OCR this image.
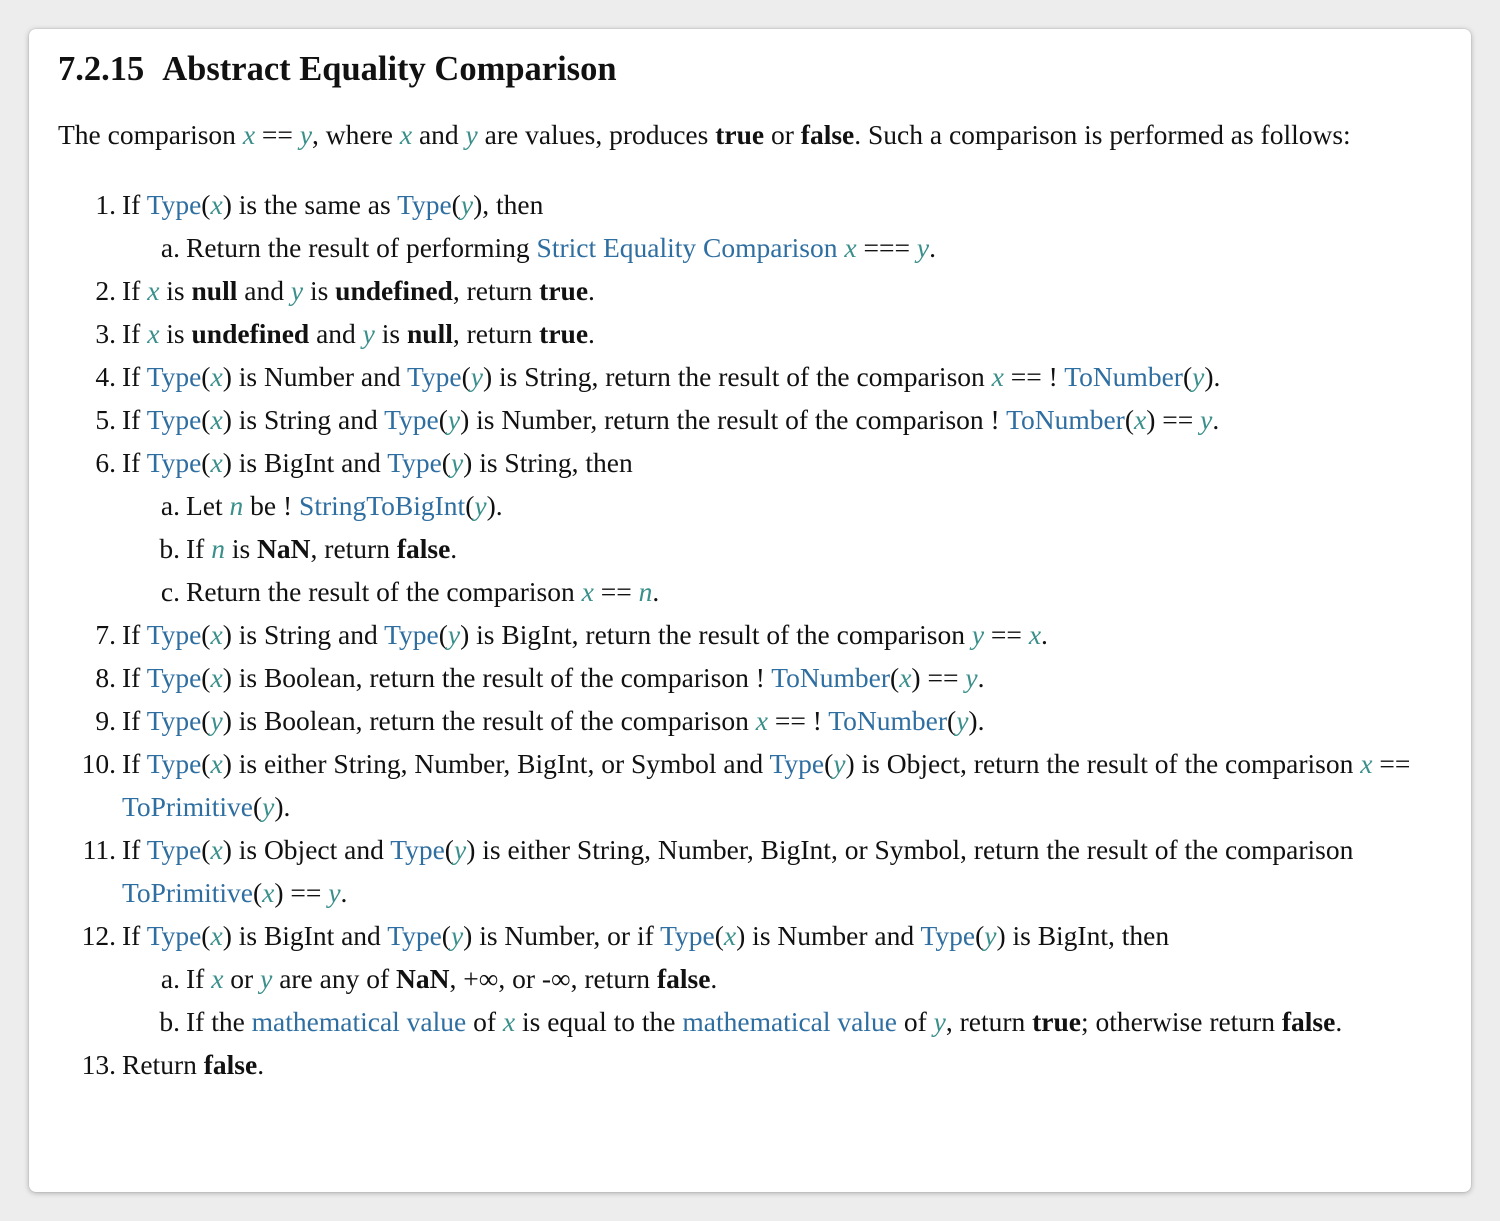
7.2.15 Abstract Equality Comparison

The comparison x == y, where x and y are values, produces true or false. Such a comparison is performed as follows:

1. If Type(x) is the same as Type(y), then
a. Return the result of performing Strict Equality Comparison x === y.
2. If x is null and y is undefined, return true.
3. If x is undefined and y is null, return true.
4. If Type(x) is Number and Type(y) is String, return the result of the comparison x == ! ToNumber(y).
5. If Type(x) is String and Type(y) is Number, return the result of the comparison ! ToNumber(x) == y.
6. If Type(x) is BigInt and Type(y) is String, then
a. Let n be ! StringToBigInt(y).
b. If n is NaN, return false.
c. Return the result of the comparison x == n.
7. If Type(x) is String and Type(y) is BigInt, return the result of the comparison y == x.
8. If Type(x) is Boolean, return the result of the comparison ! ToNumber(x) == y.
9. If Type(y) is Boolean, return the result of the comparison x == ! ToNumber(y).
10. If Type(x) is either String, Number, BigInt, or Symbol and Type(y) is Object, return the result of the comparison x == ToPrimitive(y).
11. If Type(x) is Object and Type(y) is either String, Number, BigInt, or Symbol, return the result of the comparison ToPrimitive(x) == y.
12. If Type(x) is BigInt and Type(y) is Number, or if Type(x) is Number and Type(y) is BigInt, then
a. If x or y are any of NaN, +∞, or -∞, return false.
b. If the mathematical value of x is equal to the mathematical value of y, return true; otherwise return false.
13. Return false.
